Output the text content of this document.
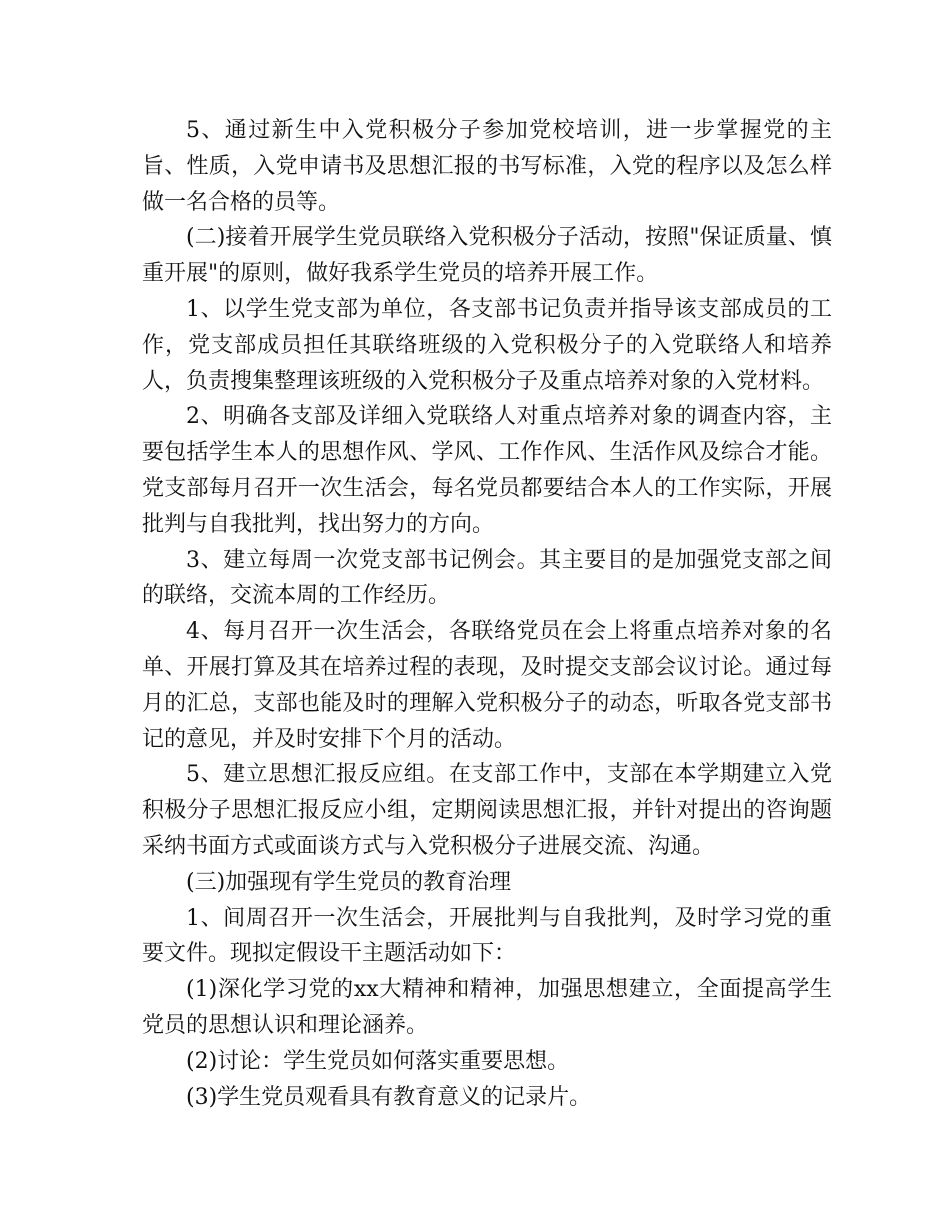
5、通过新生中入党积极分子参加党校培训，进一步掌握党的主旨、性质，入党申请书及思想汇报的书写标准，入党的程序以及怎么样做一名合格的员等。

(二)接着开展学生党员联络入党积极分子活动，按照"保证质量、慎重开展"的原则，做好我系学生党员的培养开展工作。

1、以学生党支部为单位，各支部书记负责并指导该支部成员的工作，党支部成员担任其联络班级的入党积极分子的入党联络人和培养人，负责搜集整理该班级的入党积极分子及重点培养对象的入党材料。

2、明确各支部及详细入党联络人对重点培养对象的调查内容，主要包括学生本人的思想作风、学风、工作作风、生活作风及综合才能。党支部每月召开一次生活会，每名党员都要结合本人的工作实际，开展批判与自我批判，找出努力的方向。

3、建立每周一次党支部书记例会。其主要目的是加强党支部之间的联络，交流本周的工作经历。

4、每月召开一次生活会，各联络党员在会上将重点培养对象的名单、开展打算及其在培养过程的表现，及时提交支部会议讨论。通过每月的汇总，支部也能及时的理解入党积极分子的动态，听取各党支部书记的意见，并及时安排下个月的活动。

5、建立思想汇报反应组。在支部工作中，支部在本学期建立入党积极分子思想汇报反应小组，定期阅读思想汇报，并针对提出的咨询题采纳书面方式或面谈方式与入党积极分子进展交流、沟通。

(三)加强现有学生党员的教育治理

1、间周召开一次生活会，开展批判与自我批判，及时学习党的重要文件。现拟定假设干主题活动如下：

(1)深化学习党的xx大精神和精神，加强思想建立，全面提高学生党员的思想认识和理论涵养。

(2)讨论：学生党员如何落实重要思想。

(3)学生党员观看具有教育意义的记录片。
